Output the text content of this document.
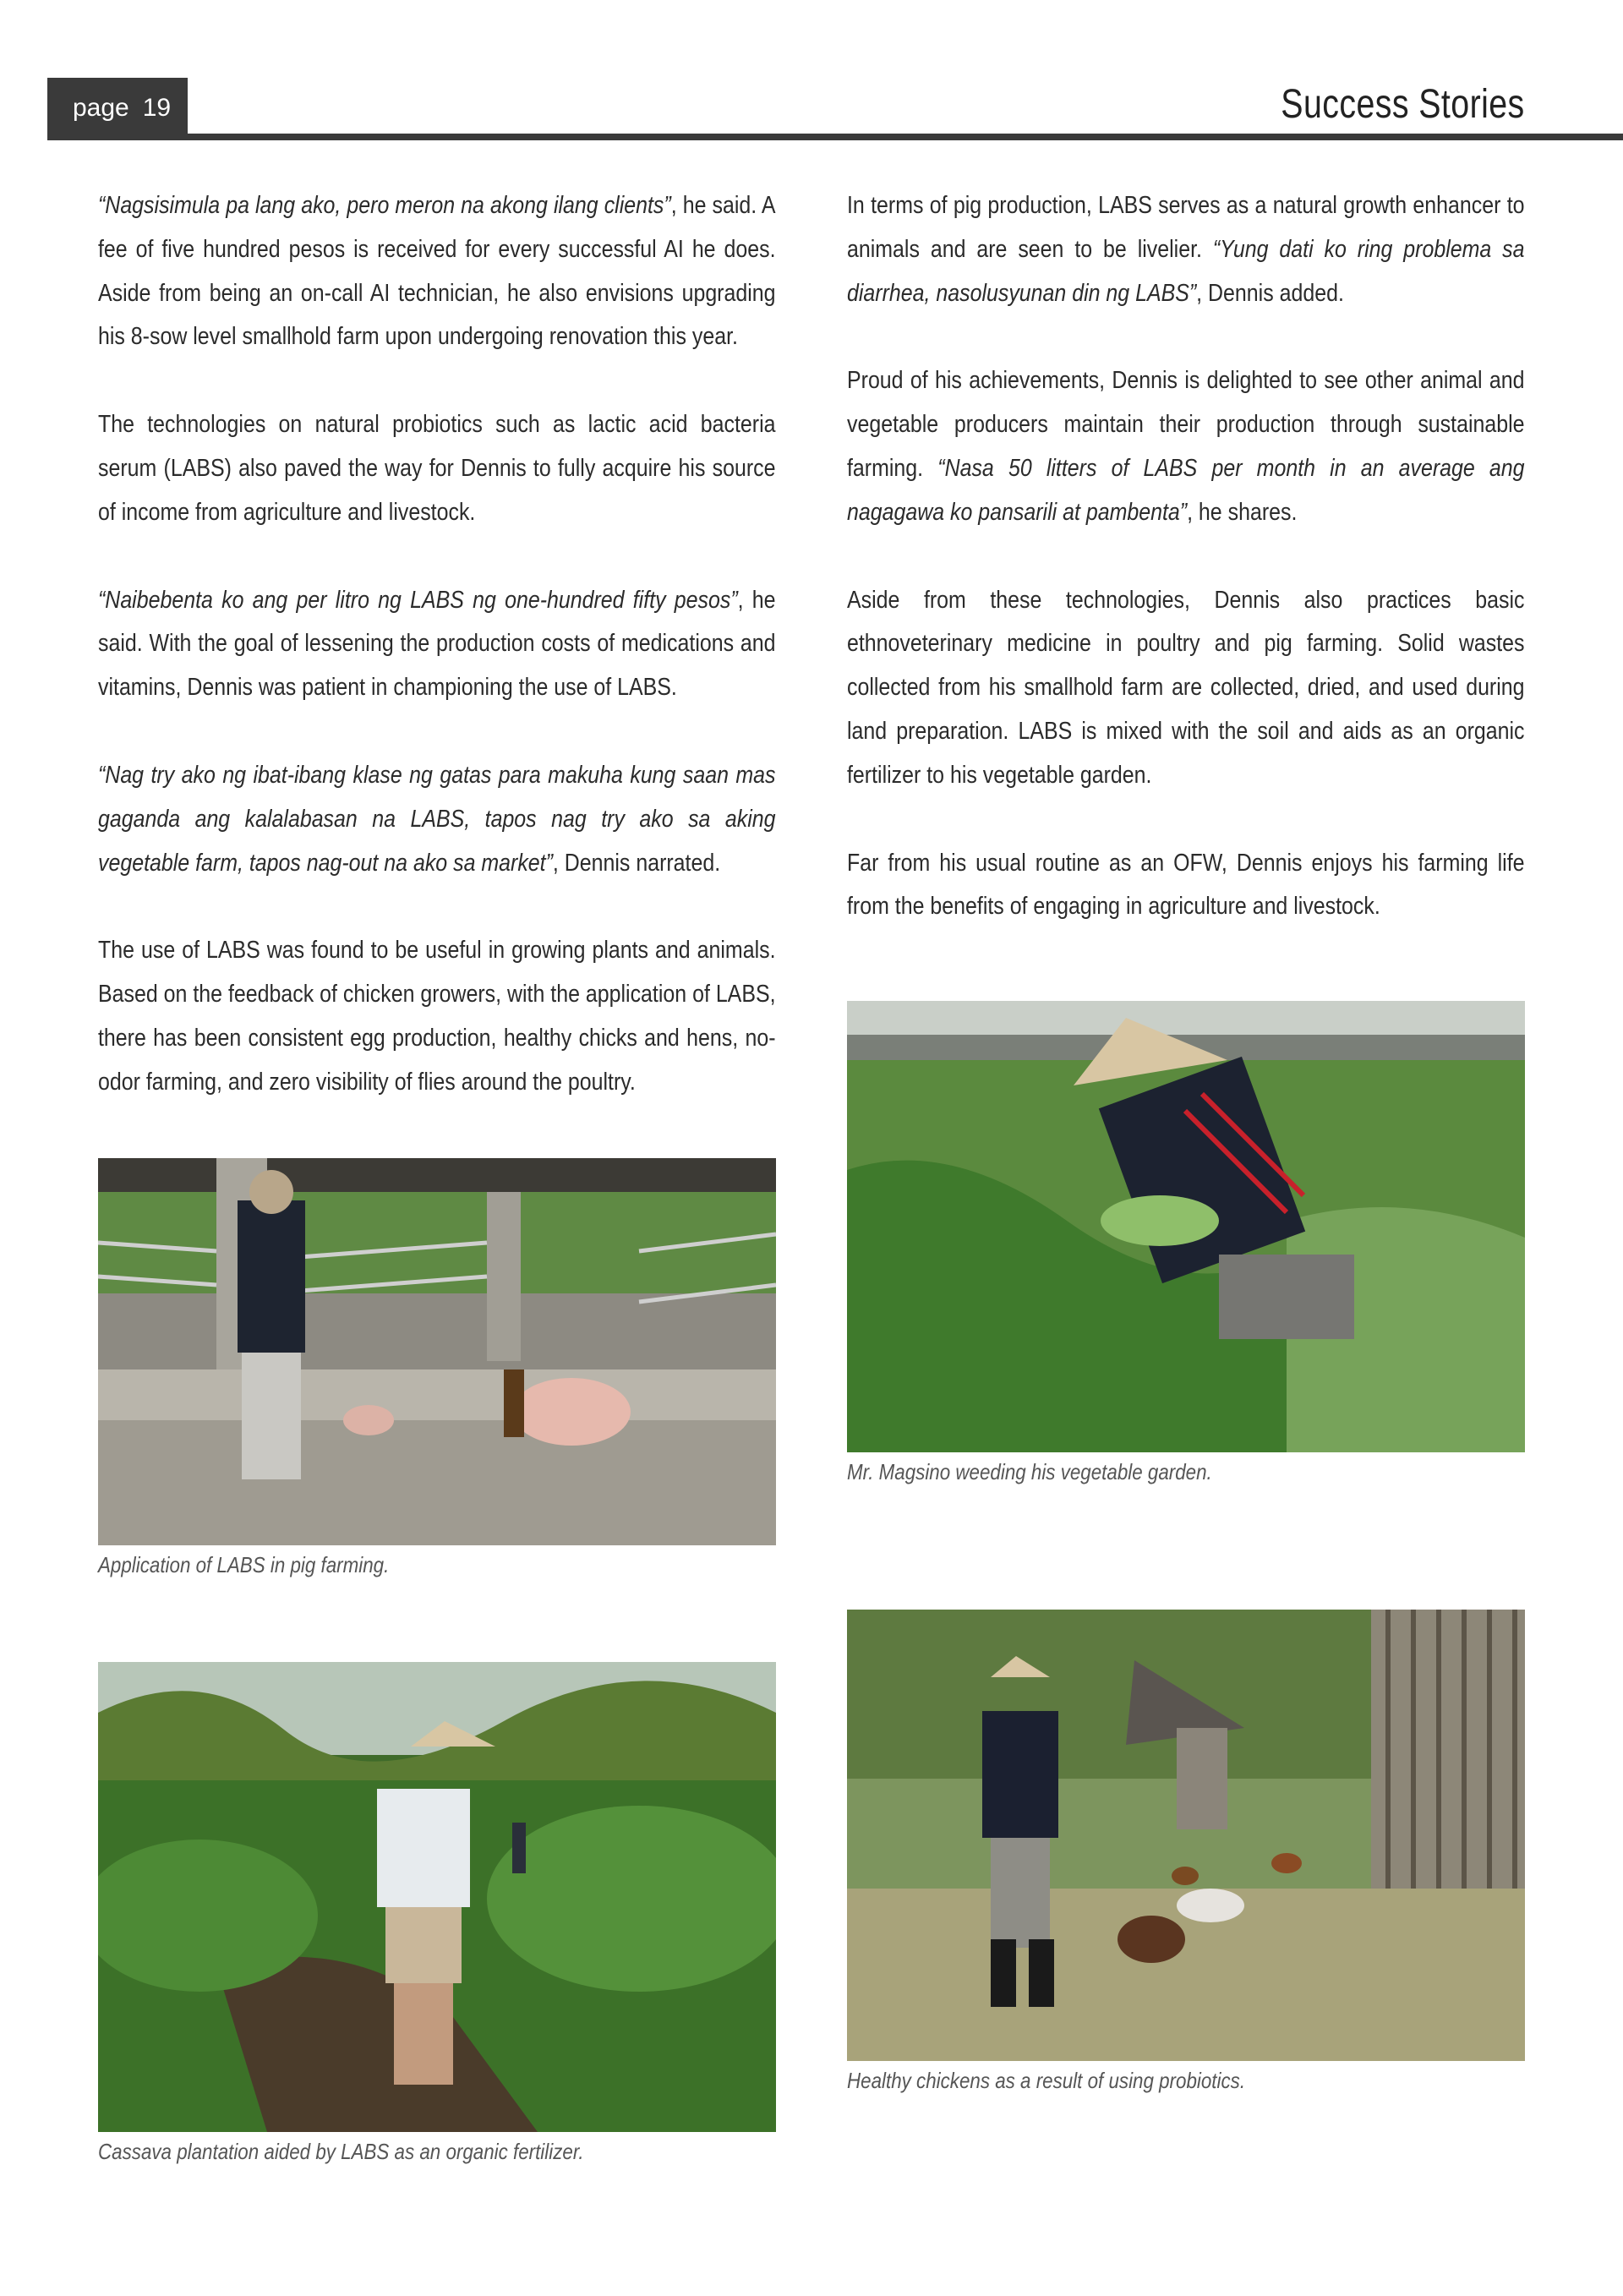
page 19	Success Stories

“Nagsisimula pa lang ako, pero meron na akong ilang clients”, he said. A fee of five hundred pesos is received for every successful AI he does. Aside from being an on-call AI technician, he also envisions upgrading his 8-sow level smallhold farm upon undergoing renovation this year.

The technologies on natural probiotics such as lactic acid bacteria serum (LABS) also paved the way for Dennis to fully acquire his source of income from agriculture and livestock.

“Naibebenta ko ang per litro ng LABS ng one-hundred fifty pesos”, he said. With the goal of lessening the production costs of medications and vitamins, Dennis was patient in championing the use of LABS.

“Nag try ako ng ibat-ibang klase ng gatas para makuha kung saan mas gaganda ang kalalabasan na LABS, tapos nag try ako sa aking vegetable farm, tapos nag-out na ako sa market”, Dennis narrated.

The use of LABS was found to be useful in growing plants and animals. Based on the feedback of chicken growers, with the application of LABS, there has been consistent egg production, healthy chicks and hens, no-odor farming, and zero visibility of flies around the poultry.

In terms of pig production, LABS serves as a natural growth enhancer to animals and are seen to be livelier. “Yung dati ko ring problema sa diarrhea, nasolusyunan din ng LABS”, Dennis added.

Proud of his achievements, Dennis is delighted to see other animal and vegetable producers maintain their production through sustainable farming. “Nasa 50 litters of LABS per month in an average ang nagagawa ko pansarili at pambenta”, he shares.

Aside from these technologies, Dennis also practices basic ethnoveterinary medicine in poultry and pig farming. Solid wastes collected from his smallhold farm are collected, dried, and used during land preparation. LABS is mixed with the soil and aids as an organic fertilizer to his vegetable garden.

Far from his usual routine as an OFW, Dennis enjoys his farming life from the benefits of engaging in agriculture and livestock.

Application of LABS in pig farming.
Mr. Magsino weeding his vegetable garden.
Cassava plantation aided by LABS as an organic fertilizer.
Healthy chickens as a result of using probiotics.
